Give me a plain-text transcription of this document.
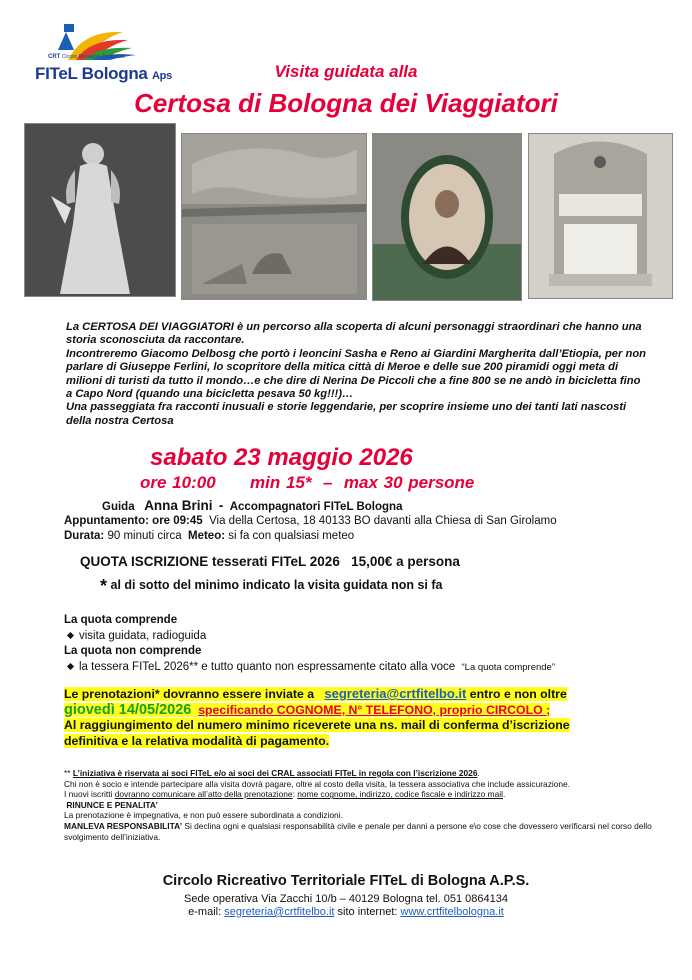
CRT Circolo Ricreativo Territoriale
FITeL Bologna Aps	Visita guidata alla
Certosa di Bologna dei Viaggiatori
La CERTOSA DEI VIAGGIATORI è un percorso alla scoperta di alcuni personaggi straordinari che hanno una storia sconosciuta da raccontare.
Incontreremo Giacomo Delbosg che portò i leoncini Sasha e Reno ai Giardini Margherita dall’Etiopia, per non parlare di Giuseppe Ferlini, lo scopritore della mitica città di Meroe e delle sue 200 piramidi oggi meta di milioni di turisti da tutto il mondo…e che dire di Nerina De Piccoli che a fine 800 se ne andò in bicicletta fino a Capo Nord (quando una bicicletta pesava 50 kg!!!)…
Una passeggiata fra racconti inusuali e storie leggendarie, per scoprire insieme uno dei tanti lati nascosti della nostra Certosa
sabato 23 maggio 2026
ore 10:00 min 15* – max 30 persone
Guida Anna Brini - Accompagnatori FITeL Bologna
Appuntamento: ore 09:45 Via della Certosa, 18 40133 BO davanti alla Chiesa di San Girolamo
Durata: 90 minuti circa Meteo: si fa con qualsiasi meteo
QUOTA ISCRIZIONE tesserati FITeL 2026 15,00€ a persona
* al di sotto del minimo indicato la visita guidata non si fa
La quota comprende
visita guidata, radioguida
La quota non comprende
la tessera FITeL 2026** e tutto quanto non espressamente citato alla voce “La quota comprende”
Le prenotazioni* dovranno essere inviate a segreteria@crtfitelbo.it entro e non oltre
giovedì 14/05/2026 specificando COGNOME, N° TELEFONO, proprio CIRCOLO ;
Al raggiungimento del numero minimo riceverete una ns. mail di conferma d’iscrizione definitiva e la relativa modalità di pagamento.
** L’iniziativa è riservata ai soci FITeL e/o ai soci dei CRAL associati FITeL in regola con l’iscrizione 2026.
Chi non è socio e intende partecipare alla visita dovrà pagare, oltre al costo della visita, la tessera associativa che include assicurazione.
I nuovi iscritti dovranno comunicare all’atto della prenotazione: nome cognome, indirizzo, codice fiscale e indirizzo mail.
RINUNCE E PENALITA’
La prenotazione è impegnativa, e non può essere subordinata a condizioni.
MANLEVA RESPONSABILITA’ Si declina ogni e qualsiasi responsabilità civile e penale per danni a persone e\o cose che dovessero verificarsi nel corso dello svolgimento dell’iniziativa.
Circolo Ricreativo Territoriale FITeL di Bologna A.P.S.
Sede operativa Via Zacchi 10/b – 40129 Bologna tel. 051 0864134
e-mail: segreteria@crtfitelbo.it sito internet: www.crtfitelbologna.it
